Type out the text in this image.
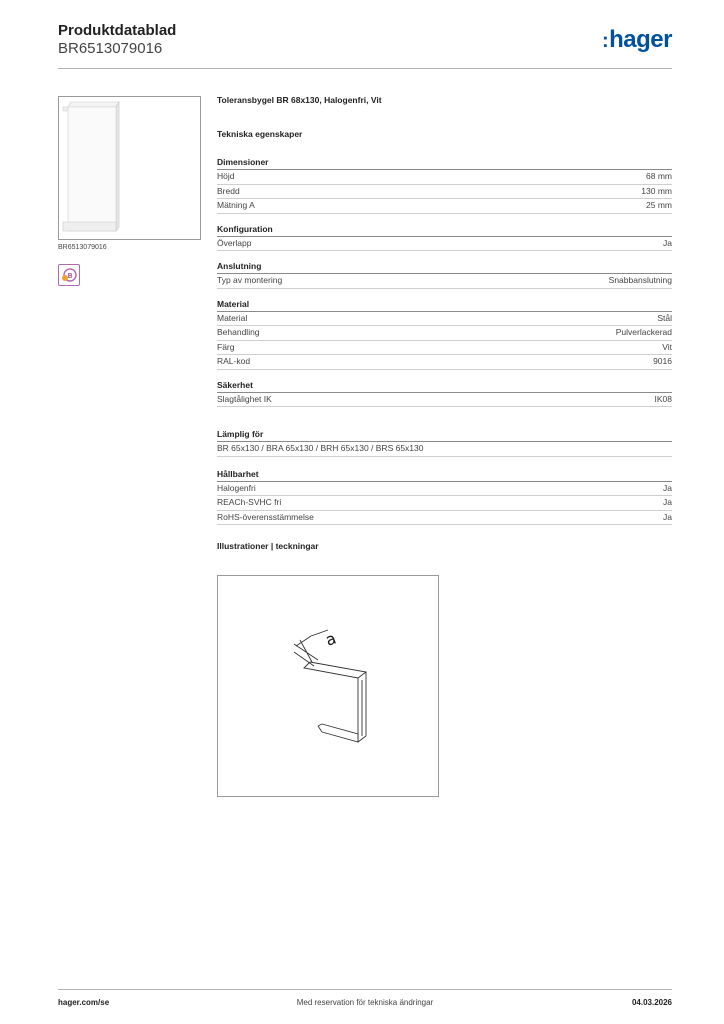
Produktdatablad
BR6513079016	:hager
BR6513079016
B
Toleransbygel BR 68x130, Halogenfri, Vit
Tekniska egenskaper
Dimensioner
Höjd	68 mm
Bredd	130 mm
Mätning A	25 mm
Konfiguration
Överlapp	Ja
Anslutning
Typ av montering	Snabbanslutning
Material
Material	Stål
Behandling	Pulverlackerad
Färg	Vit
RAL-kod	9016
Säkerhet
Slagtålighet IK	IK08
Lämplig för
BR 65x130 / BRA 65x130 / BRH 65x130 / BRS 65x130
Hållbarhet
Halogenfri	Ja
REACh-SVHC fri	Ja
RoHS-överensstämmelse	Ja
Illustrationer | teckningar
a
Med reservation för tekniska ändringar
hager.com/se	04.03.2026
